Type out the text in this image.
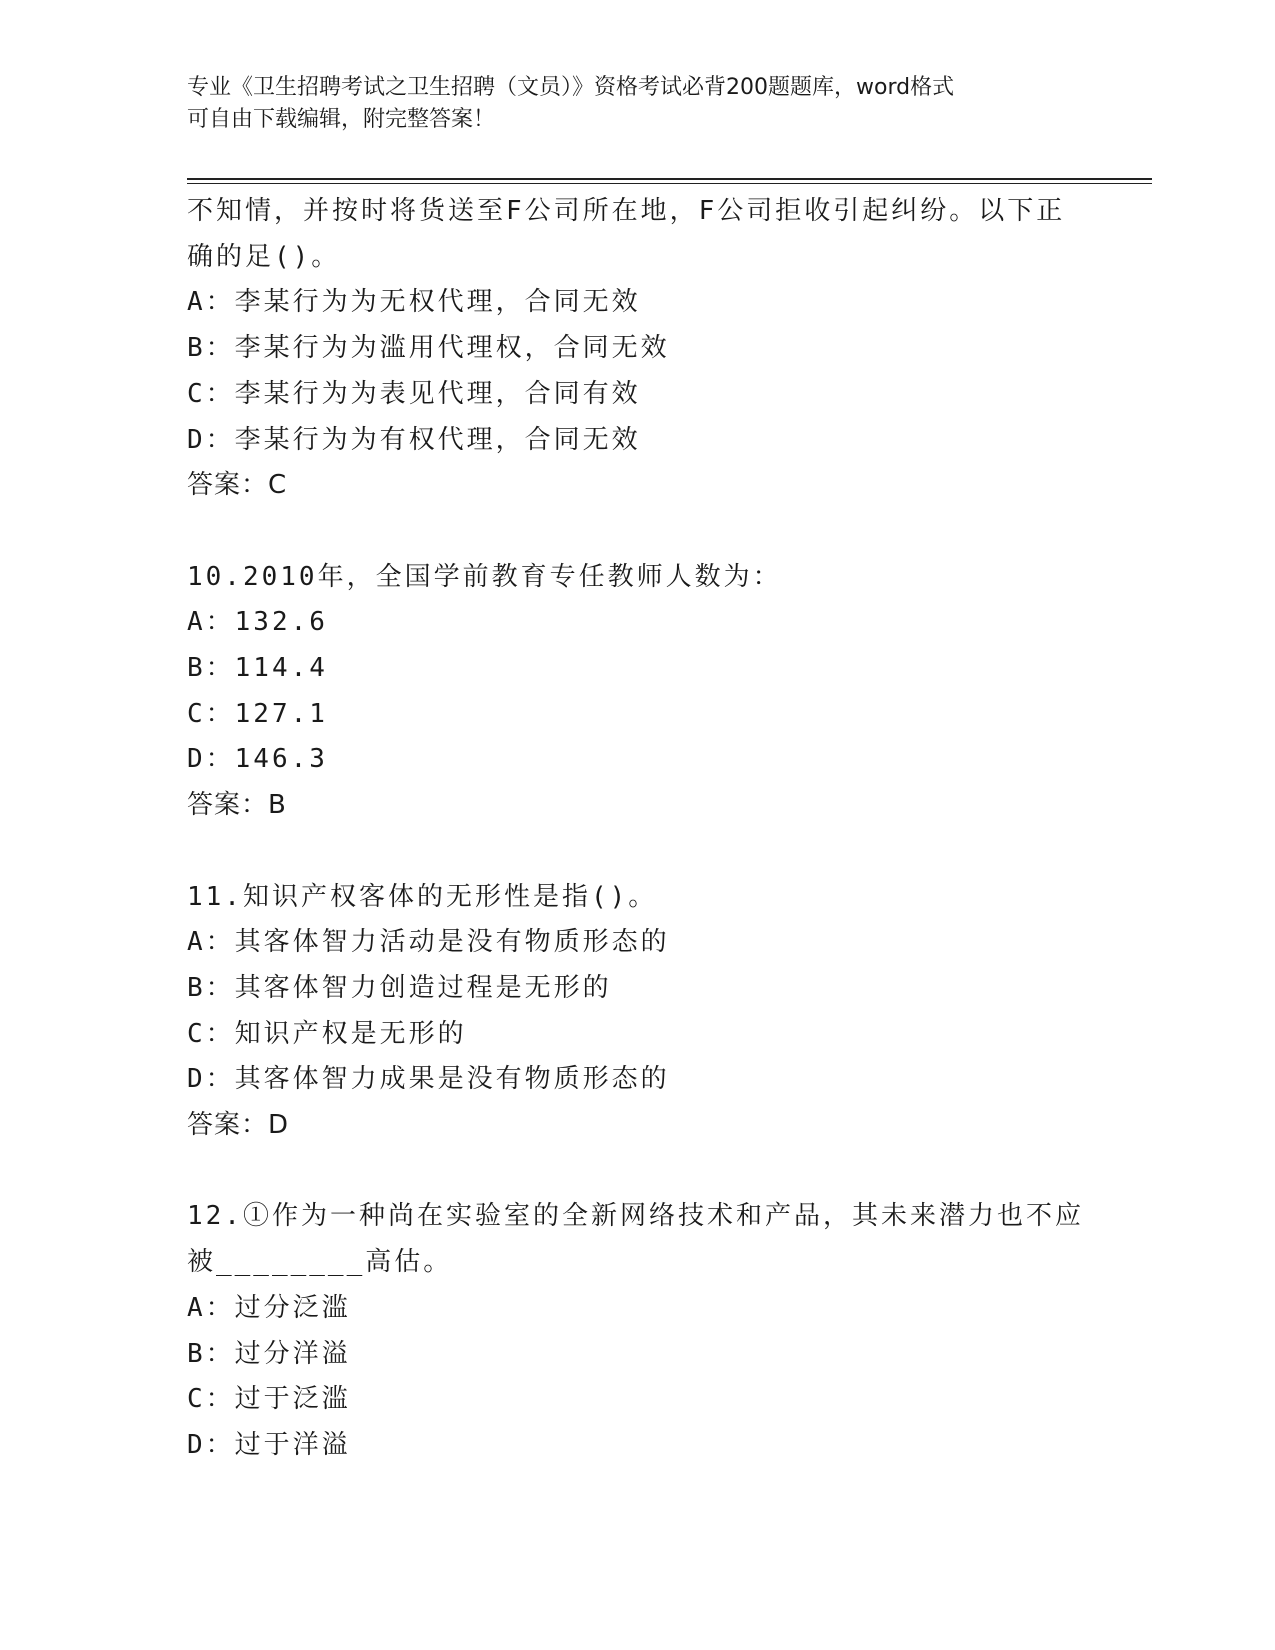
专业《卫生招聘考试之卫生招聘（文员）》资格考试必背200题题库，word格式
可自由下载编辑，附完整答案！
不知情，并按时将货送至F公司所在地，F公司拒收引起纠纷。以下正
确的足()。
A：李某行为为无权代理，合同无效
B：李某行为为滥用代理权，合同无效
C：李某行为为表见代理，合同有效
D：李某行为为有权代理，合同无效
答案：C
10.2010年，全国学前教育专任教师人数为：
A：132.6
B：114.4
C：127.1
D：146.3
答案：B
11.知识产权客体的无形性是指()。
A：其客体智力活动是没有物质形态的
B：其客体智力创造过程是无形的
C：知识产权是无形的
D：其客体智力成果是没有物质形态的
答案：D
12.①作为一种尚在实验室的全新网络技术和产品，其未来潜力也不应
被________高估。
A：过分泛滥
B：过分洋溢
C：过于泛滥
D：过于洋溢
